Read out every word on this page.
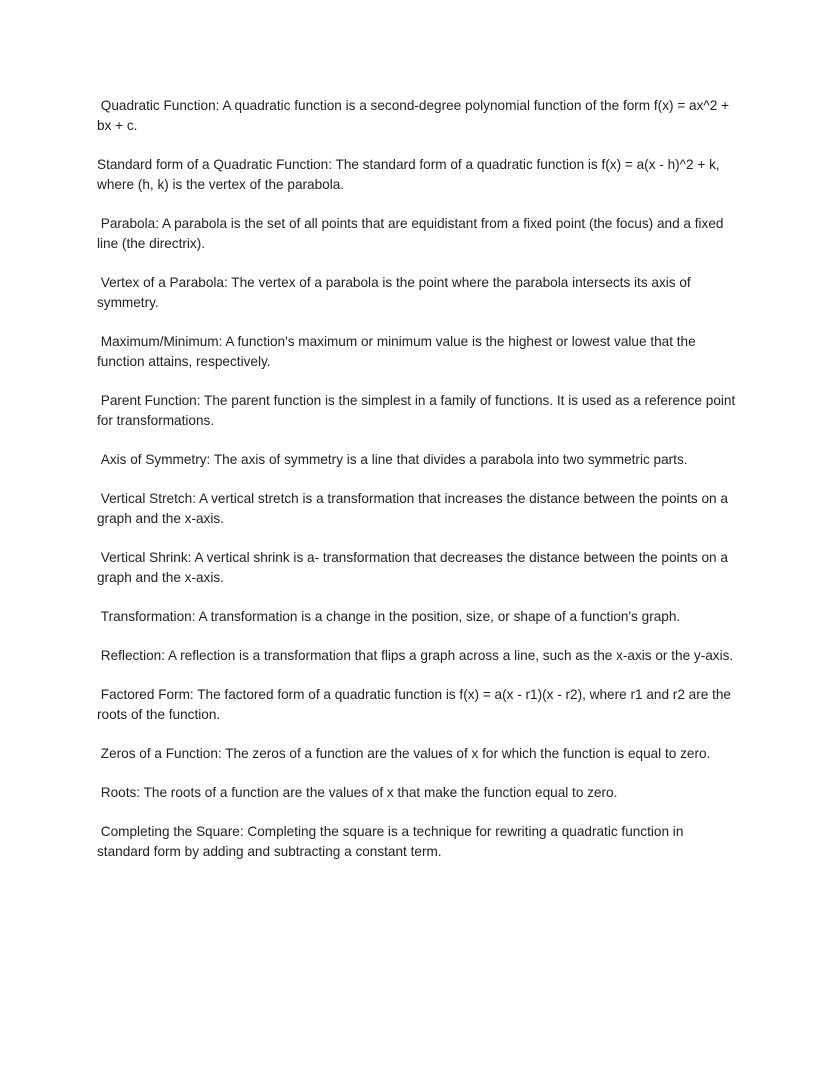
Quadratic Function: A quadratic function is a second-degree polynomial function of the form f(x) = ax^2 + bx + c.
Standard form of a Quadratic Function: The standard form of a quadratic function is f(x) = a(x - h)^2 + k, where (h, k) is the vertex of the parabola.
Parabola: A parabola is the set of all points that are equidistant from a fixed point (the focus) and a fixed line (the directrix).
Vertex of a Parabola: The vertex of a parabola is the point where the parabola intersects its axis of symmetry.
Maximum/Minimum: A function's maximum or minimum value is the highest or lowest value that the function attains, respectively.
Parent Function: The parent function is the simplest in a family of functions. It is used as a reference point for transformations.
Axis of Symmetry: The axis of symmetry is a line that divides a parabola into two symmetric parts.
Vertical Stretch: A vertical stretch is a transformation that increases the distance between the points on a graph and the x-axis.
Vertical Shrink: A vertical shrink is a- transformation that decreases the distance between the points on a graph and the x-axis.
Transformation: A transformation is a change in the position, size, or shape of a function's graph.
Reflection: A reflection is a transformation that flips a graph across a line, such as the x-axis or the y-axis.
Factored Form: The factored form of a quadratic function is f(x) = a(x - r1)(x - r2), where r1 and r2 are the roots of the function.
Zeros of a Function: The zeros of a function are the values of x for which the function is equal to zero.
Roots: The roots of a function are the values of x that make the function equal to zero.
Completing the Square: Completing the square is a technique for rewriting a quadratic function in standard form by adding and subtracting a constant term.
